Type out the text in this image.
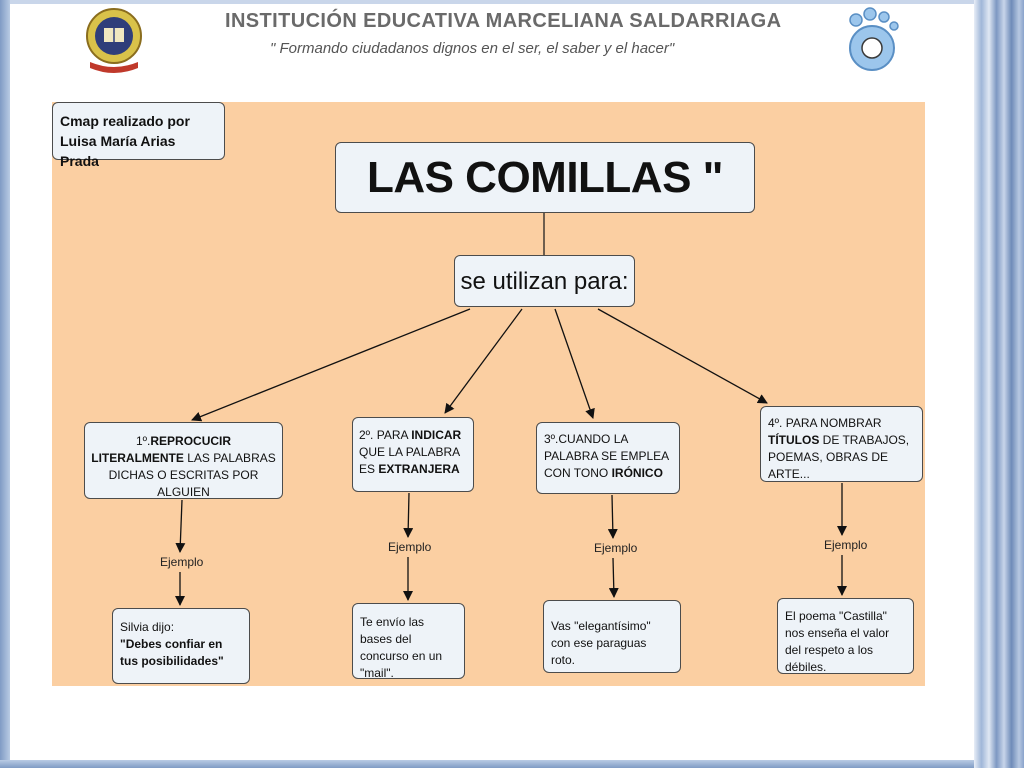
INSTITUCIÓN EDUCATIVA MARCELIANA SALDARRIAGA
" Formando ciudadanos dignos en el ser, el saber y el hacer"
Cmap realizado por Luisa María Arias Prada	LAS COMILLAS "
se utilizan para:
1º.REPROCUCIR LITERALMENTE LAS PALABRAS DICHAS O ESCRITAS POR ALGUIEN
2º. PARA INDICAR QUE LA PALABRA ES EXTRANJERA
3º.CUANDO LA PALABRA SE EMPLEA CON TONO IRÓNICO
4º. PARA NOMBRAR TÍTULOS DE TRABAJOS, POEMAS, OBRAS DE ARTE...
Ejemplo
Ejemplo	Ejemplo	Ejemplo
Silvia dijo:
"Debes confiar en tus posibilidades"
Te envío las bases del concurso en un "mail".
Vas "elegantísimo" con ese paraguas roto.
El poema "Castilla" nos enseña el valor del respeto a los débiles.
